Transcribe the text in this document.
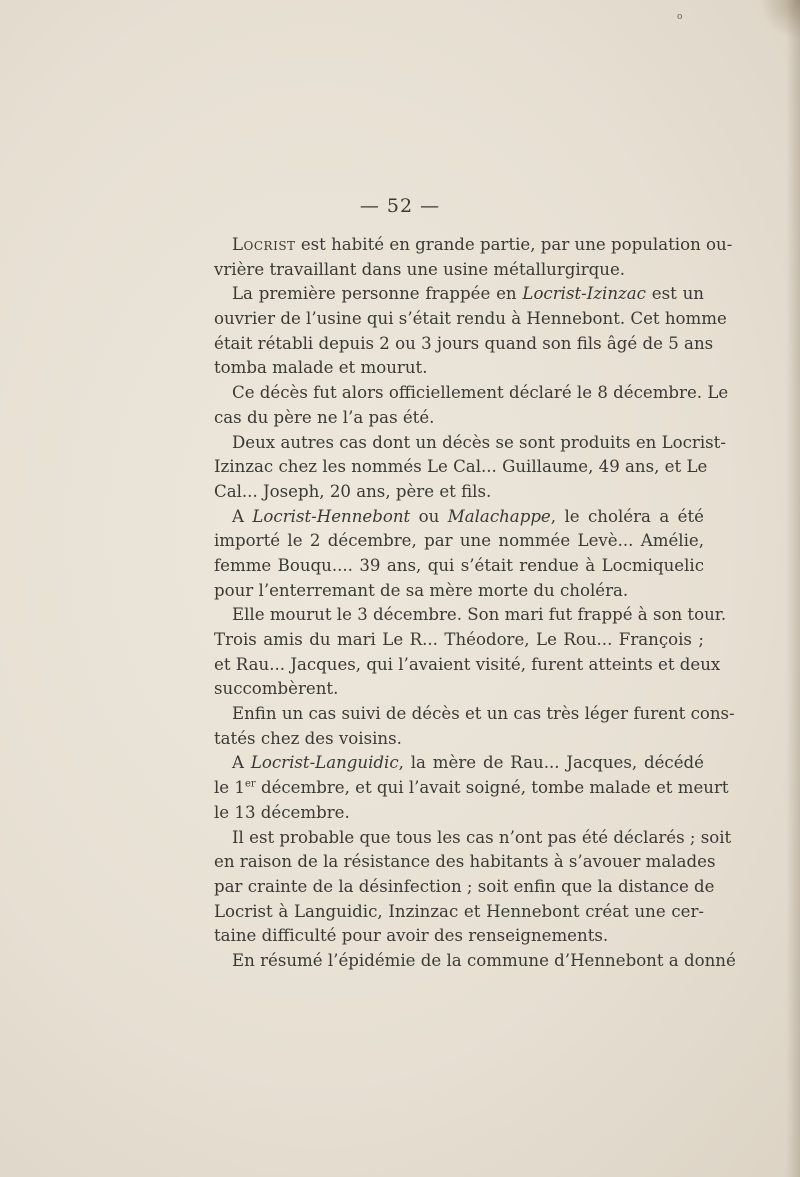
o
— 52 —
Locrist est habité en grande partie, par une population ou-
vrière travaillant dans une usine métallurgirque.
La première personne frappée en Locrist-Izinzac est un
ouvrier de l’usine qui s’était rendu à Hennebont. Cet homme
était rétabli depuis 2 ou 3 jours quand son fils âgé de 5 ans
tomba malade et mourut.
Ce décès fut alors officiellement déclaré le 8 décembre. Le
cas du père ne l’a pas été.
Deux autres cas dont un décès se sont produits en Locrist-
Izinzac chez les nommés Le Cal... Guillaume, 49 ans, et Le
Cal... Joseph, 20 ans, père et fils.
A Locrist-Hennebont ou Malachappe, le choléra a été
importé le 2 décembre, par une nommée Levè... Amélie,
femme Bouqu.... 39 ans, qui s’était rendue à Locmiquelic
pour l’enterremant de sa mère morte du choléra.
Elle mourut le 3 décembre. Son mari fut frappé à son tour.
Trois amis du mari Le R... Théodore, Le Rou... François ;
et Rau... Jacques, qui l’avaient visité, furent atteints et deux
succombèrent.
Enfin un cas suivi de décès et un cas très léger furent cons-
tatés chez des voisins.
A Locrist-Languidic, la mère de Rau... Jacques, décédé
le 1er décembre, et qui l’avait soigné, tombe malade et meurt
le 13 décembre.
Il est probable que tous les cas n’ont pas été déclarés ; soit
en raison de la résistance des habitants à s’avouer malades
par crainte de la désinfection ; soit enfin que la distance de
Locrist à Languidic, Inzinzac et Hennebont créat une cer-
taine difficulté pour avoir des renseignements.
En résumé l’épidémie de la commune d’Hennebont a donné
